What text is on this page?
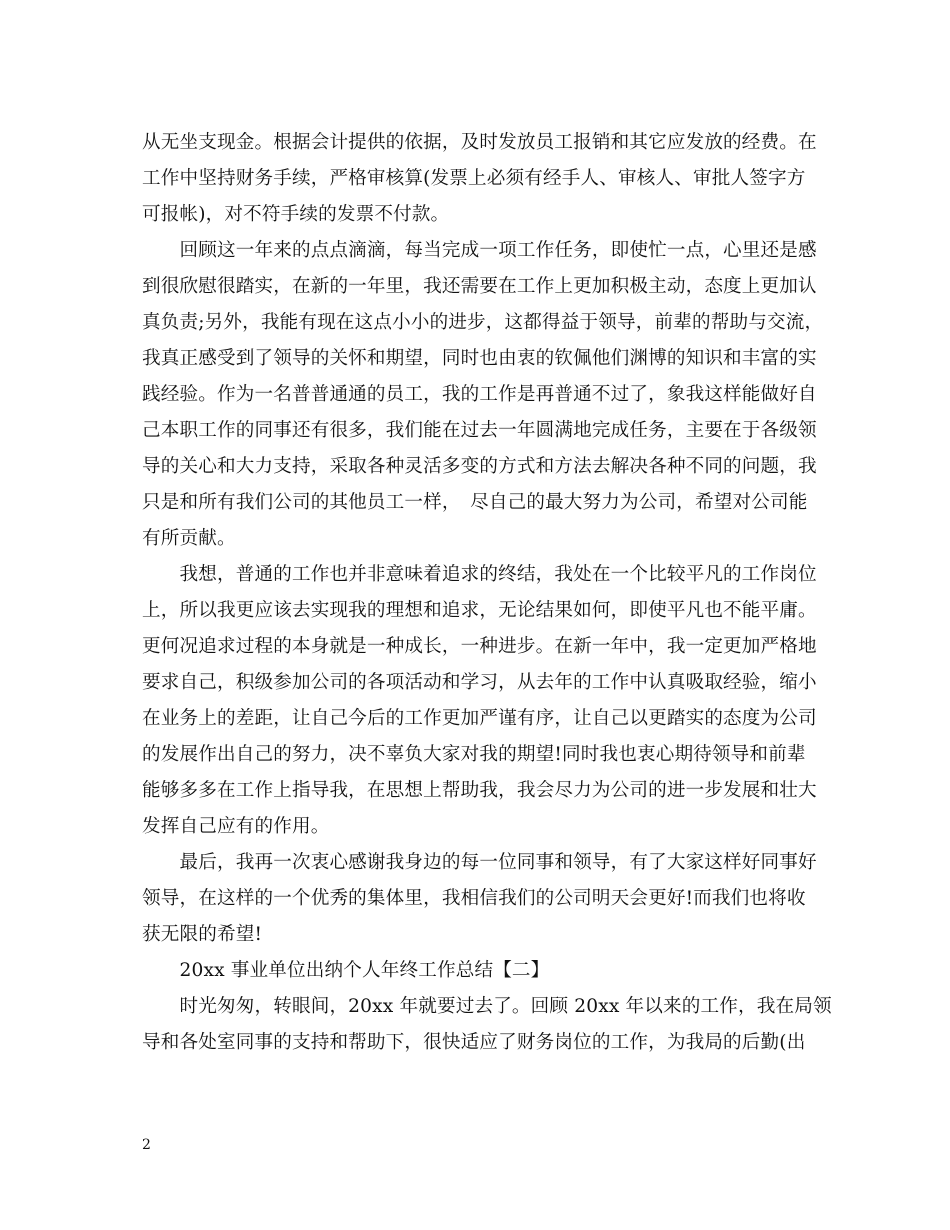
从无坐支现金。根据会计提供的依据，及时发放员工报销和其它应发放的经费。在
工作中坚持财务手续，严格审核算(发票上必须有经手人、审核人、审批人签字方
可报帐)，对不符手续的发票不付款。
　　回顾这一年来的点点滴滴，每当完成一项工作任务，即使忙一点，心里还是感
到很欣慰很踏实，在新的一年里，我还需要在工作上更加积极主动，态度上更加认
真负责;另外，我能有现在这点小小的进步，这都得益于领导，前辈的帮助与交流，
我真正感受到了领导的关怀和期望，同时也由衷的钦佩他们渊博的知识和丰富的实
践经验。作为一名普普通通的员工，我的工作是再普通不过了，象我这样能做好自
己本职工作的同事还有很多，我们能在过去一年圆满地完成任务，主要在于各级领
导的关心和大力支持，采取各种灵活多变的方式和方法去解决各种不同的问题，我
只是和所有我们公司的其他员工一样，　尽自己的最大努力为公司，希望对公司能
有所贡献。
　　我想，普通的工作也并非意味着追求的终结，我处在一个比较平凡的工作岗位
上，所以我更应该去实现我的理想和追求，无论结果如何，即使平凡也不能平庸。
更何况追求过程的本身就是一种成长，一种进步。在新一年中，我一定更加严格地
要求自己，积级参加公司的各项活动和学习，从去年的工作中认真吸取经验，缩小
在业务上的差距，让自己今后的工作更加严谨有序，让自己以更踏实的态度为公司
的发展作出自己的努力，决不辜负大家对我的期望!同时我也衷心期待领导和前辈
能够多多在工作上指导我，在思想上帮助我，我会尽力为公司的进一步发展和壮大
发挥自己应有的作用。
　　最后，我再一次衷心感谢我身边的每一位同事和领导，有了大家这样好同事好
领导，在这样的一个优秀的集体里，我相信我们的公司明天会更好!而我们也将收
获无限的希望!
　　20xx 事业单位出纳个人年终工作总结【二】
　　时光匆匆，转眼间，20xx 年就要过去了。回顾 20xx 年以来的工作，我在局领
导和各处室同事的支持和帮助下，很快适应了财务岗位的工作，为我局的后勤(出
2
